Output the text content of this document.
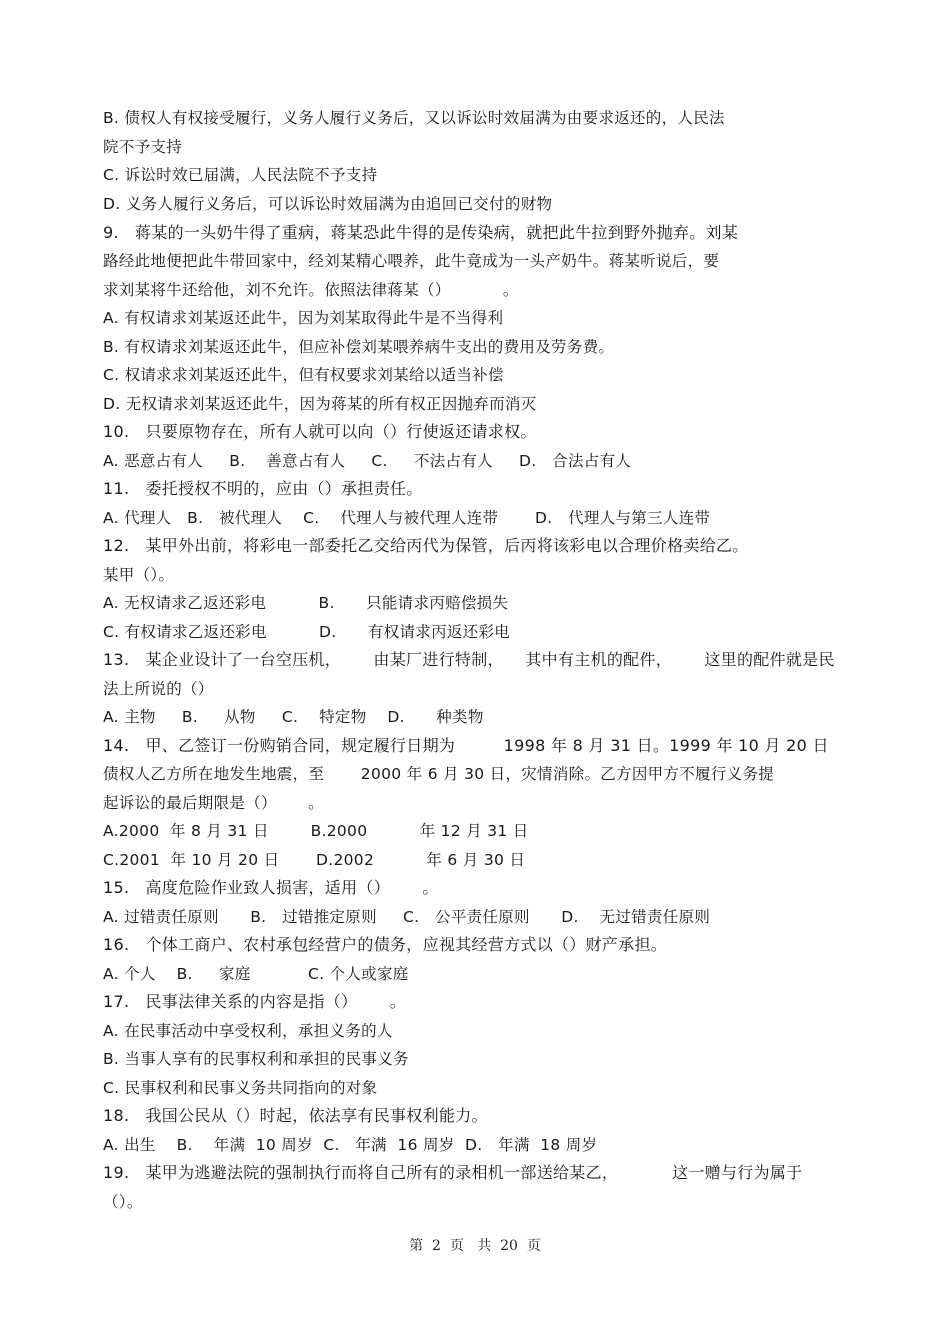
B. 债权人有权接受履行，义务人履行义务后，又以诉讼时效届满为由要求返还的，人民法
院不予支持
C. 诉讼时效已届满，人民法院不予支持
D. 义务人履行义务后，可以诉讼时效届满为由追回已交付的财物
9.   蒋某的一头奶牛得了重病，蒋某恐此牛得的是传染病，就把此牛拉到野外抛弃。刘某
路经此地便把此牛带回家中，经刘某精心喂养，此牛竟成为一头产奶牛。蒋某听说后，要
求刘某将牛还给他，刘不允许。依照法律蒋某（）          。
A. 有权请求刘某返还此牛，因为刘某取得此牛是不当得利
B. 有权请求刘某返还此牛，但应补偿刘某喂养病牛支出的费用及劳务费。
C. 权请求求刘某返还此牛，但有权要求刘某给以适当补偿
D. 无权请求刘某返还此牛，因为蒋某的所有权正因抛弃而消灭
10.   只要原物存在，所有人就可以向（）行使返还请求权。
A. 恶意占有人     B.    善意占有人     C.     不法占有人     D.   合法占有人
11.   委托授权不明的，应由（）承担责任。
A. 代理人   B.   被代理人    C.    代理人与被代理人连带       D.   代理人与第三人连带
12.   某甲外出前，将彩电一部委托乙交给丙代为保管，后丙将该彩电以合理价格卖给乙。
某甲（）。
A. 无权请求乙返还彩电          B.      只能请求丙赔偿损失
C. 有权请求乙返还彩电          D.      有权请求丙返还彩电
13.   某企业设计了一台空压机，      由某厂进行特制，    其中有主机的配件，      这里的配件就是民
法上所说的（）
A. 主物     B.     从物     C.    特定物    D.      种类物
14.   甲、乙签订一份购销合同，规定履行日期为         1998 年 8 月 31 日。1999 年 10 月 20 日
债权人乙方所在地发生地震，至       2000 年 6 月 30 日，灾情消除。乙方因甲方不履行义务提
起诉讼的最后期限是（）      。
A.2000  年 8 月 31 日        B.2000          年 12 月 31 日
C.2001  年 10 月 20 日       D.2002          年 6 月 30 日
15.   高度危险作业致人损害，适用（）      。
A. 过错责任原则      B.   过错推定原则     C.   公平责任原则      D.    无过错责任原则
16.   个体工商户、农村承包经营户的债务，应视其经营方式以（）财产承担。
A. 个人    B.     家庭           C. 个人或家庭
17.   民事法律关系的内容是指（）      。
A. 在民事活动中享受权利，承担义务的人
B. 当事人享有的民事权利和承担的民事义务
C. 民事权利和民事义务共同指向的对象
18.   我国公民从（）时起，依法享有民事权利能力。
A. 出生    B.    年满  10 周岁  C.   年满  16 周岁  D.   年满  18 周岁
19.   某甲为逃避法院的强制执行而将自己所有的录相机一部送给某乙，          这一赠与行为属于
（）。
第  2  页   共  20  页
